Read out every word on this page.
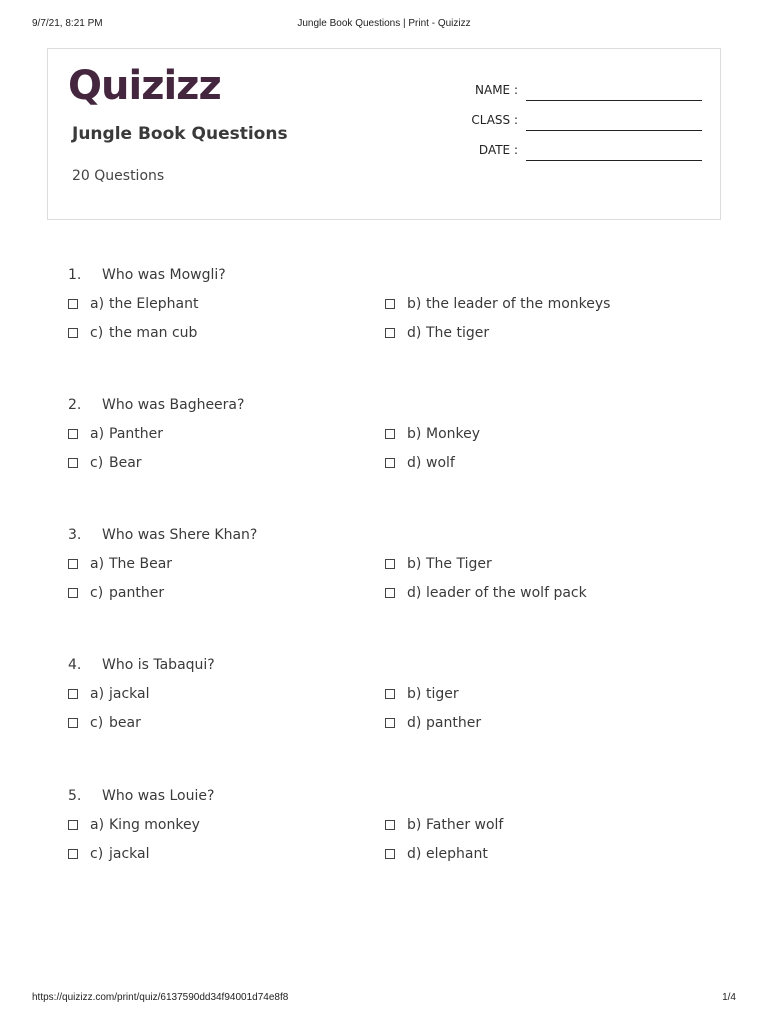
9/7/21, 8:21 PM	Jungle Book Questions | Print - Quizizz
Quizizz
Jungle Book Questions
20 Questions
NAME :
CLASS :
DATE :
1. Who was Mowgli?
a) the Elephant	b) the leader of the monkeys
c) the man cub	d) The tiger
2. Who was Bagheera?
a) Panther	b) Monkey
c) Bear	d) wolf
3. Who was Shere Khan?
a) The Bear	b) The Tiger
c) panther	d) leader of the wolf pack
4. Who is Tabaqui?
a) jackal	b) tiger
c) bear	d) panther
5. Who was Louie?
a) King monkey	b) Father wolf
c) jackal	d) elephant
https://quizizz.com/print/quiz/6137590dd34f94001d74e8f8	1/4
